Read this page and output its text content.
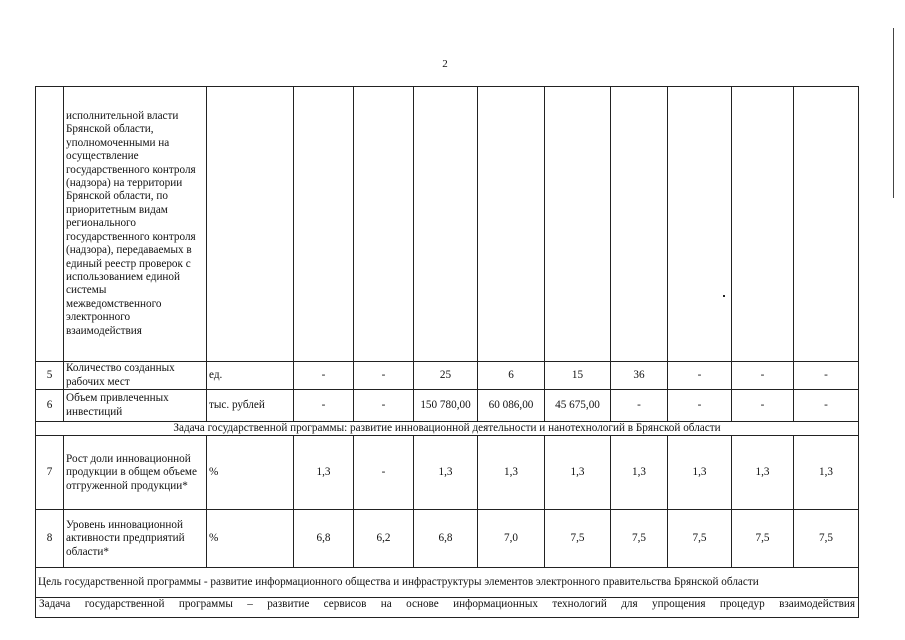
2
	исполнительной власти Брянской области, уполномоченными на осуществление государственного контроля (надзора) на территории Брянской области, по приоритетным видам регионального государственного контроля (надзора), передаваемых в единый реестр проверок с использованием единой системы межведомственного электронного взаимодействия										
5	Количество созданных рабочих мест	ед.	-	-	25	6	15	36	-	-	-
6	Объем привлеченных инвестиций	тыс. рублей	-	-	150 780,00	60 086,00	45 675,00	-	-	-	-
Задача государственной программы: развитие инновационной деятельности и нанотехнологий в Брянской области											
7	Рост доли инновационной продукции в общем объеме отгруженной продукции*	%	1,3	-	1,3	1,3	1,3	1,3	1,3	1,3	1,3
8	Уровень инновационной активности предприятий области*	%	6,8	6,2	6,8	7,0	7,5	7,5	7,5	7,5	7,5
Цель государственной программы - развитие информационного общества и инфраструктуры элементов электронного правительства Брянской области											

Задача государственной программы – развитие сервисов на основе информационных технологий для упрощения процедур взаимодействия											
